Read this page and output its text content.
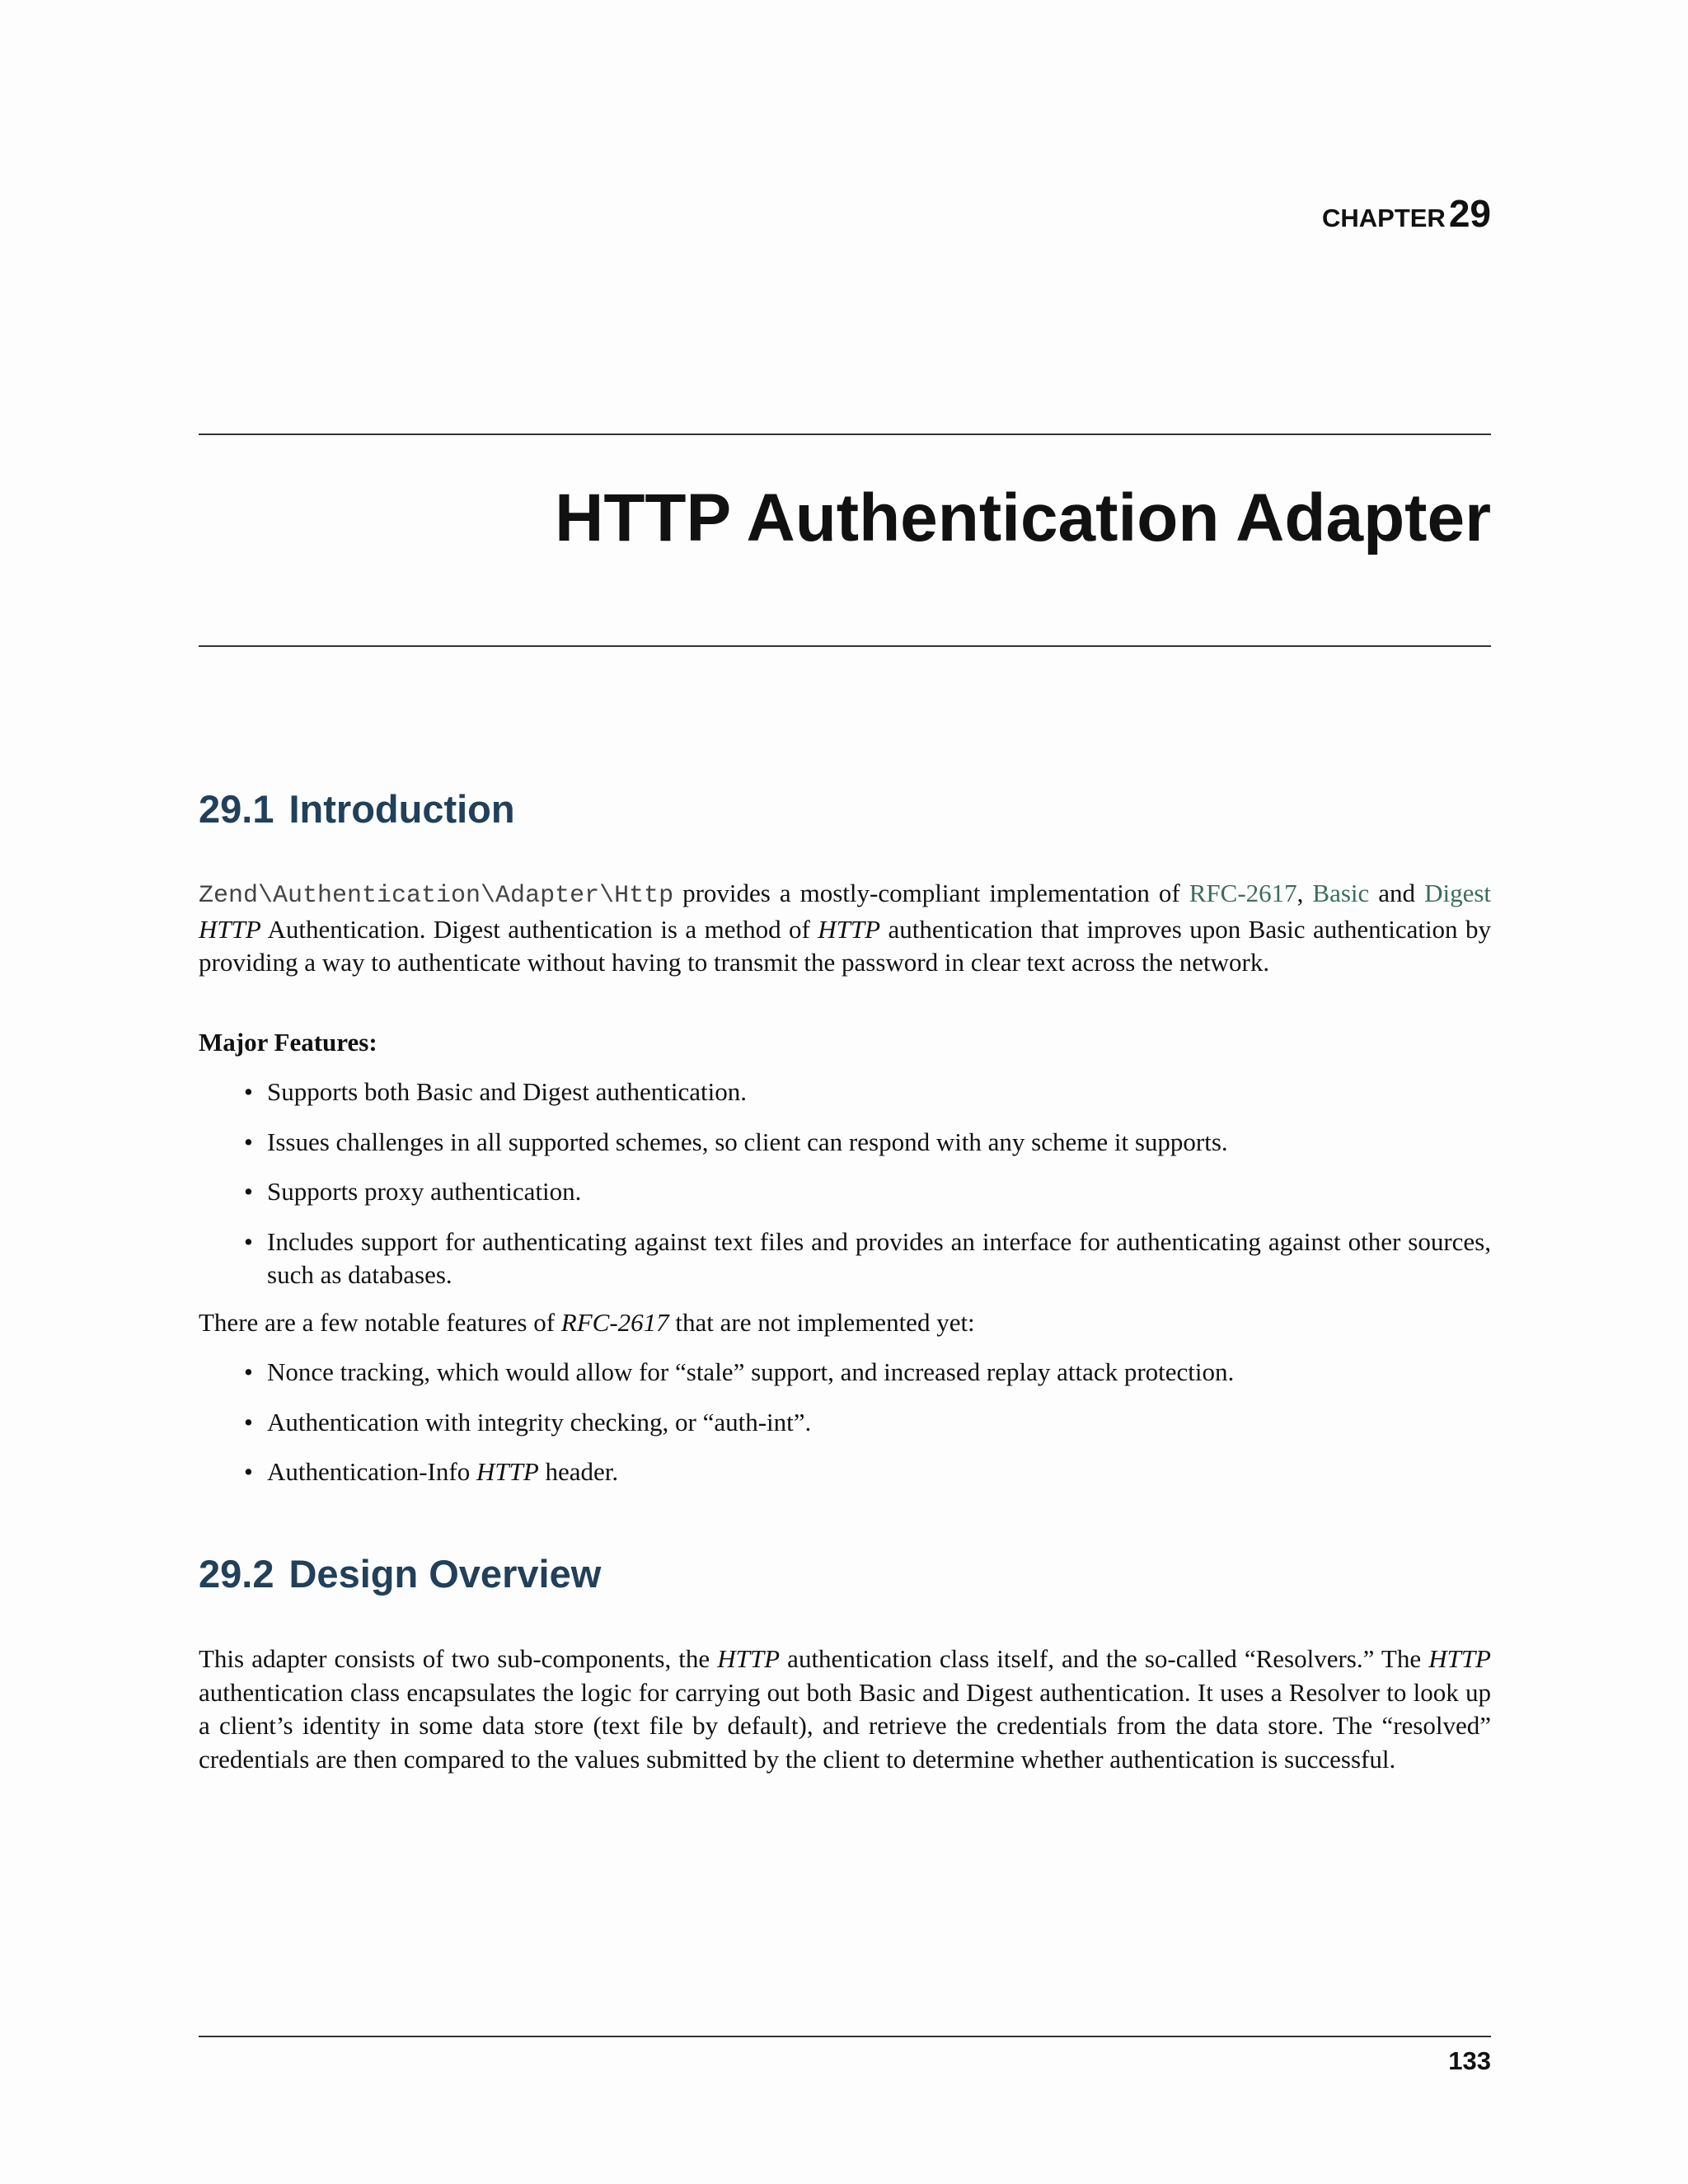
CHAPTER29
HTTP Authentication Adapter
29.1 Introduction

Zend\Authentication\Adapter\Http provides a mostly-compliant implementation of RFC-2617, Basic and Digest HTTP Authentication. Digest authentication is a method of HTTP authentication that improves upon Basic authentication by providing a way to authenticate without having to transmit the password in clear text across the network.

Major Features:

• Supports both Basic and Digest authentication.
• Issues challenges in all supported schemes, so client can respond with any scheme it supports.
• Supports proxy authentication.
• Includes support for authenticating against text files and provides an interface for authenticating against other sources, such as databases.

There are a few notable features of RFC-2617 that are not implemented yet:

• Nonce tracking, which would allow for “stale” support, and increased replay attack protection.
• Authentication with integrity checking, or “auth-int”.
• Authentication-Info HTTP header.
29.2 Design Overview

This adapter consists of two sub-components, the HTTP authentication class itself, and the so-called “Resolvers.” The HTTP authentication class encapsulates the logic for carrying out both Basic and Digest authentication. It uses a Resolver to look up a client’s identity in some data store (text file by default), and retrieve the credentials from the data store. The “resolved” credentials are then compared to the values submitted by the client to determine whether authentication is successful.

133
